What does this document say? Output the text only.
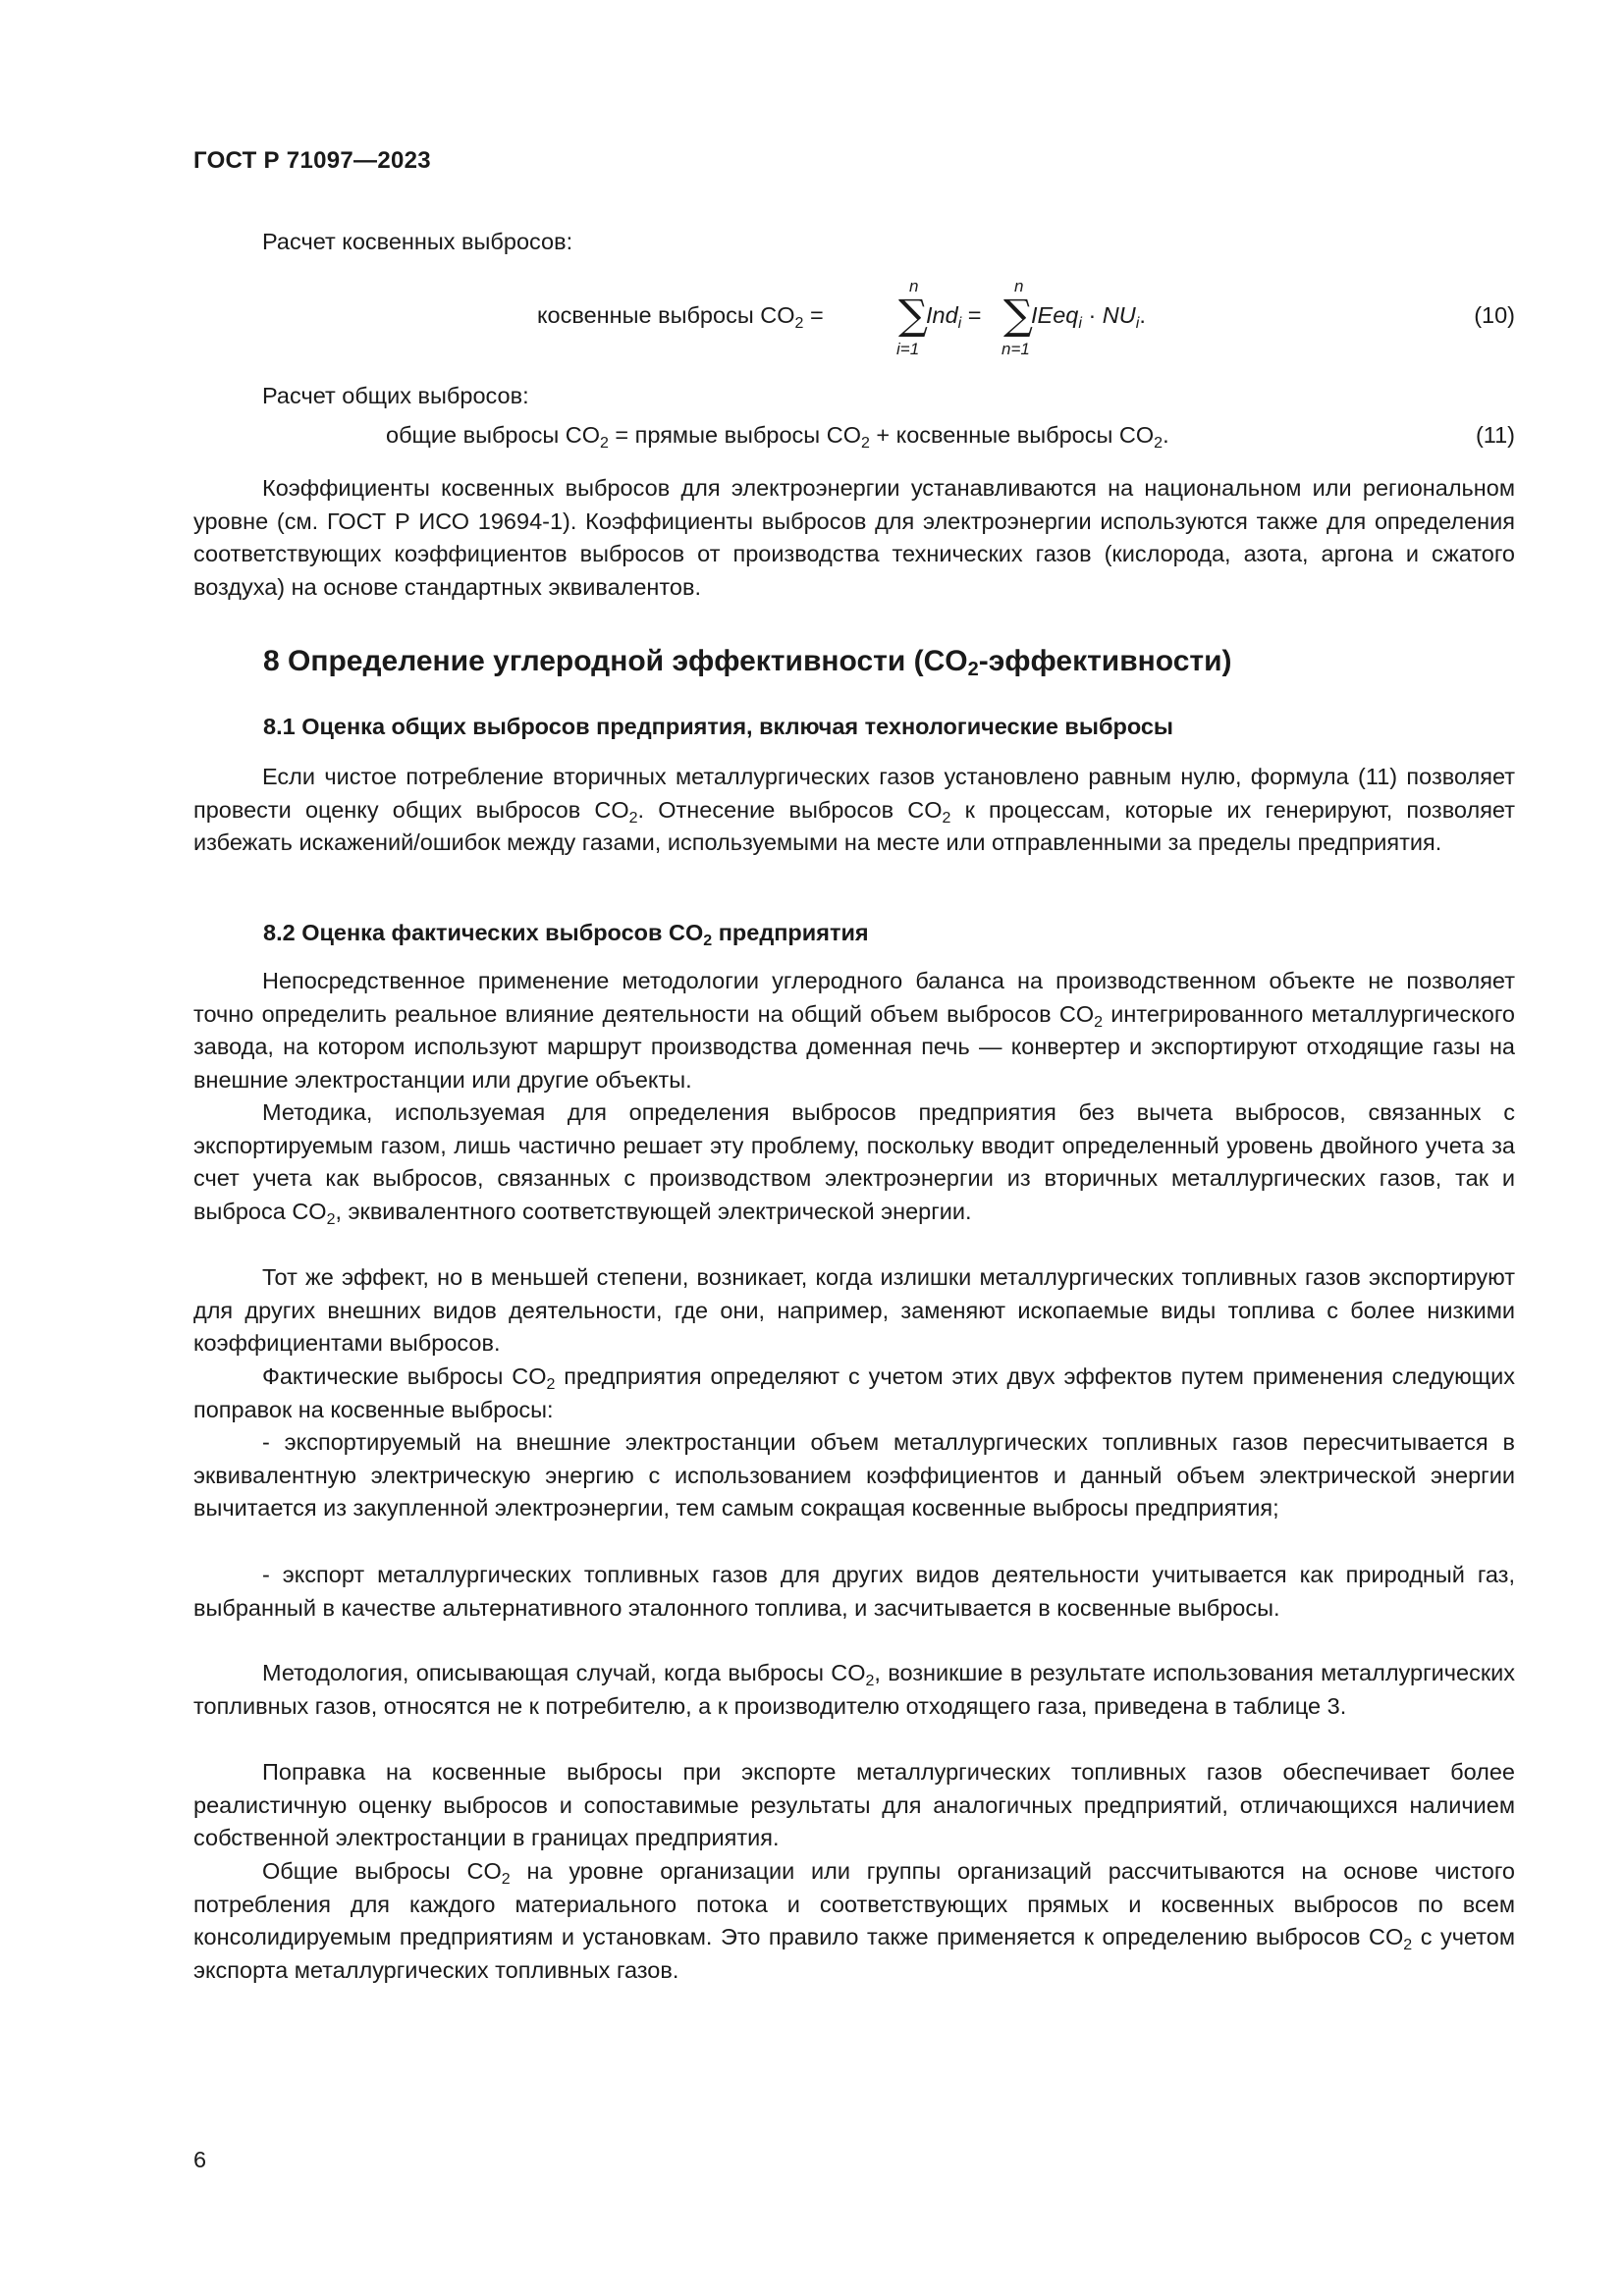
ГОСТ Р 71097—2023
Расчет косвенных выбросов:
косвенные выбросы $CO_2$ =
n
∑
i=1
Ind$_i$ =
n
∑
n=1
IEeq$_i$ · $NU_i$.	(10)
Расчет общих выбросов:
общие выбросы $CO_2$ = прямые выбросы $CO_2$ + косвенные выбросы $CO_2$.	(11)
Коэффициенты косвенных выбросов для электроэнергии устанавливаются на национальном или региональном уровне (см. ГОСТ Р ИСО 19694-1). Коэффициенты выбросов для электроэнергии используются также для определения соответствующих коэффициентов выбросов от производства технических газов (кислорода, азота, аргона и сжатого воздуха) на основе стандартных эквивалентов.
8 Определение углеродной эффективности $(CO_2-эффективности)$
8.1 Оценка общих выбросов предприятия, включая технологические выбросы
Если чистое потребление вторичных металлургических газов установлено равным нулю, формула (11) позволяет провести оценку общих выбросов $CO_2$. Отнесение выбросов $CO_2$ к процессам, которые их генерируют, позволяет избежать искажений/ошибок между газами, используемыми на месте или отправленными за пределы предприятия.
8.2 Оценка фактических выбросов $CO_2$ предприятия
Непосредственное применение методологии углеродного баланса на производственном объекте не позволяет точно определить реальное влияние деятельности на общий объем выбросов $CO_2$ интегрированного металлургического завода, на котором используют маршрут производства доменная печь — конвертер и экспортируют отходящие газы на внешние электростанции или другие объекты.
Методика, используемая для определения выбросов предприятия без вычета выбросов, связанных с экспортируемым газом, лишь частично решает эту проблему, поскольку вводит определенный уровень двойного учета за счет учета как выбросов, связанных с производством электроэнергии из вторичных металлургических газов, так и выброса $CO_2$, эквивалентного соответствующей электрической энергии.
Тот же эффект, но в меньшей степени, возникает, когда излишки металлургических топливных газов экспортируют для других внешних видов деятельности, где они, например, заменяют ископаемые виды топлива с более низкими коэффициентами выбросов.
Фактические выбросы $CO_2$ предприятия определяют с учетом этих двух эффектов путем применения следующих поправок на косвенные выбросы:
- экспортируемый на внешние электростанции объем металлургических топливных газов пересчитывается в эквивалентную электрическую энергию с использованием коэффициентов и данный объем электрической энергии вычитается из закупленной электроэнергии, тем самым сокращая косвенные выбросы предприятия;
- экспорт металлургических топливных газов для других видов деятельности учитывается как природный газ, выбранный в качестве альтернативного эталонного топлива, и засчитывается в косвенные выбросы.
Методология, описывающая случай, когда выбросы $CO_2$, возникшие в результате использования металлургических топливных газов, относятся не к потребителю, а к производителю отходящего газа, приведена в таблице 3.
Поправка на косвенные выбросы при экспорте металлургических топливных газов обеспечивает более реалистичную оценку выбросов и сопоставимые результаты для аналогичных предприятий, отличающихся наличием собственной электростанции в границах предприятия.
Общие выбросы $CO_2$ на уровне организации или группы организаций рассчитываются на основе чистого потребления для каждого материального потока и соответствующих прямых и косвенных выбросов по всем консолидируемым предприятиям и установкам. Это правило также применяется к определению выбросов $CO_2$ с учетом экспорта металлургических топливных газов.
6
